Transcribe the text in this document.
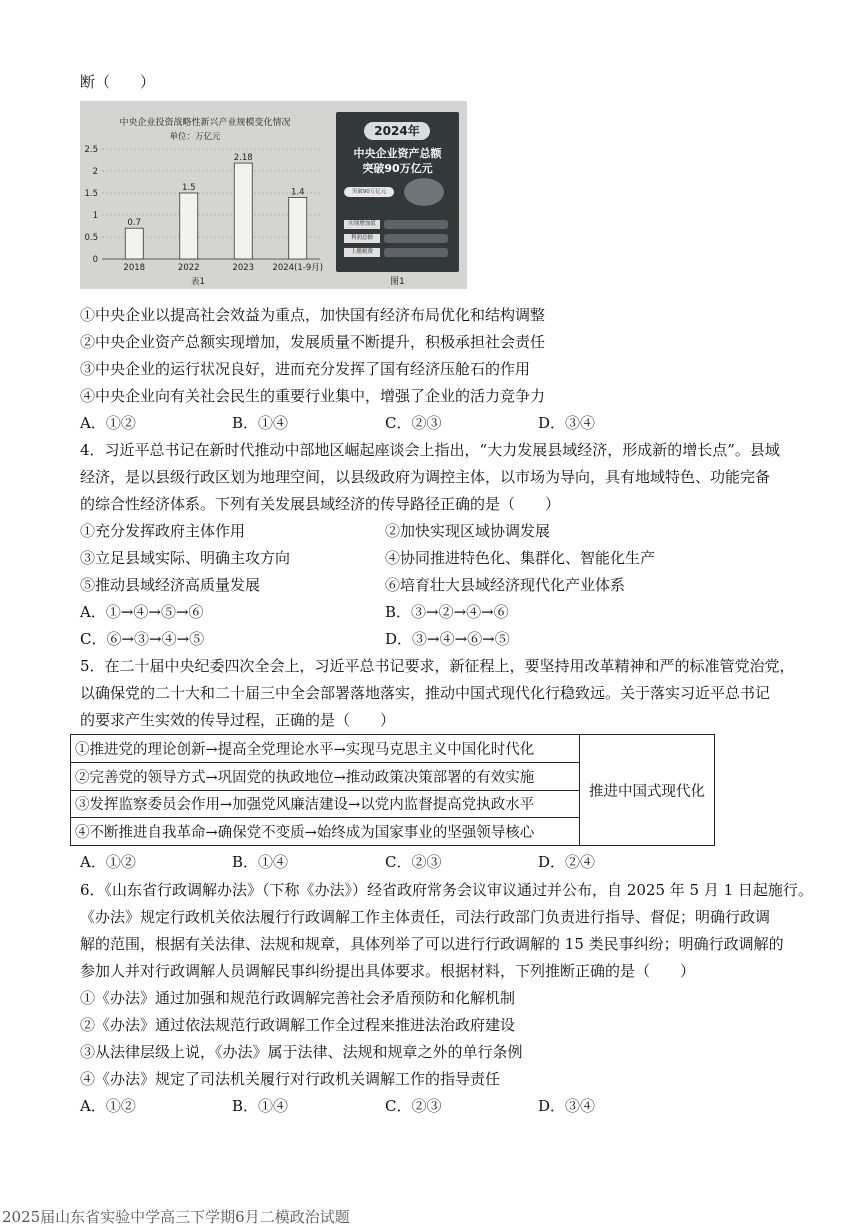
断（　　）
中央企业投资战略性新兴产业规模变化情况
单位：万亿元
0
0.5
1
1.5
2
2.5
0.7
1.5
2.18
1.4
2018	2022	2023 2024(1-9月)
表1
2024年
中央企业资产总额
突破90万亿元
突破90万亿元
实现增加值
利润总额
上缴税费
图1
①中央企业以提高社会效益为重点，加快国有经济布局优化和结构调整
②中央企业资产总额实现增加，发展质量不断提升，积极承担社会责任
③中央企业的运行状况良好，进而充分发挥了国有经济压舱石的作用
④中央企业向有关社会民生的重要行业集中，增强了企业的活力竞争力
A．①②	B．①④	C．②③	D．③④
4．习近平总书记在新时代推动中部地区崛起座谈会上指出，“大力发展县域经济，形成新的增长点”。县域
经济，是以县级行政区划为地理空间，以县级政府为调控主体，以市场为导向，具有地域特色、功能完备
的综合性经济体系。下列有关发展县域经济的传导路径正确的是（　　）
①充分发挥政府主体作用	②加快实现区域协调发展
③立足县域实际、明确主攻方向	④协同推进特色化、集群化、智能化生产
⑤推动县域经济高质量发展	⑥培育壮大县域经济现代化产业体系
A．①→④→⑤→⑥	B．③→②→④→⑥
C．⑥→③→④→⑤	D．③→④→⑥→⑤
5．在二十届中央纪委四次全会上，习近平总书记要求，新征程上，要坚持用改革精神和严的标准管党治党，
以确保党的二十大和二十届三中全会部署落地落实，推动中国式现代化行稳致远。关于落实习近平总书记
的要求产生实效的传导过程，正确的是（　　）
①推进党的理论创新→提高全党理论水平→实现马克思主义中国化时代化	推进中国式现代化
②完善党的领导方式→巩固党的执政地位→推动政策决策部署的有效实施
③发挥监察委员会作用→加强党风廉洁建设→以党内监督提高党执政水平
④不断推进自我革命→确保党不变质→始终成为国家事业的坚强领导核心
A．①②	B．①④	C．②③	D．②④
6．《山东省行政调解办法》（下称《办法》）经省政府常务会议审议通过并公布，自 2025 年 5 月 1 日起施行。
《办法》规定行政机关依法履行行政调解工作主体责任，司法行政部门负责进行指导、督促；明确行政调
解的范围，根据有关法律、法规和规章，具体列举了可以进行行政调解的 15 类民事纠纷；明确行政调解的
参加人并对行政调解人员调解民事纠纷提出具体要求。根据材料，下列推断正确的是（　　）
①《办法》通过加强和规范行政调解完善社会矛盾预防和化解机制
②《办法》通过依法规范行政调解工作全过程来推进法治政府建设
③从法律层级上说，《办法》属于法律、法规和规章之外的单行条例
④《办法》规定了司法机关履行对行政机关调解工作的指导责任
A．①②	B．①④	C．②③	D．③④
2025届山东省实验中学高三下学期6月二模政治试题
